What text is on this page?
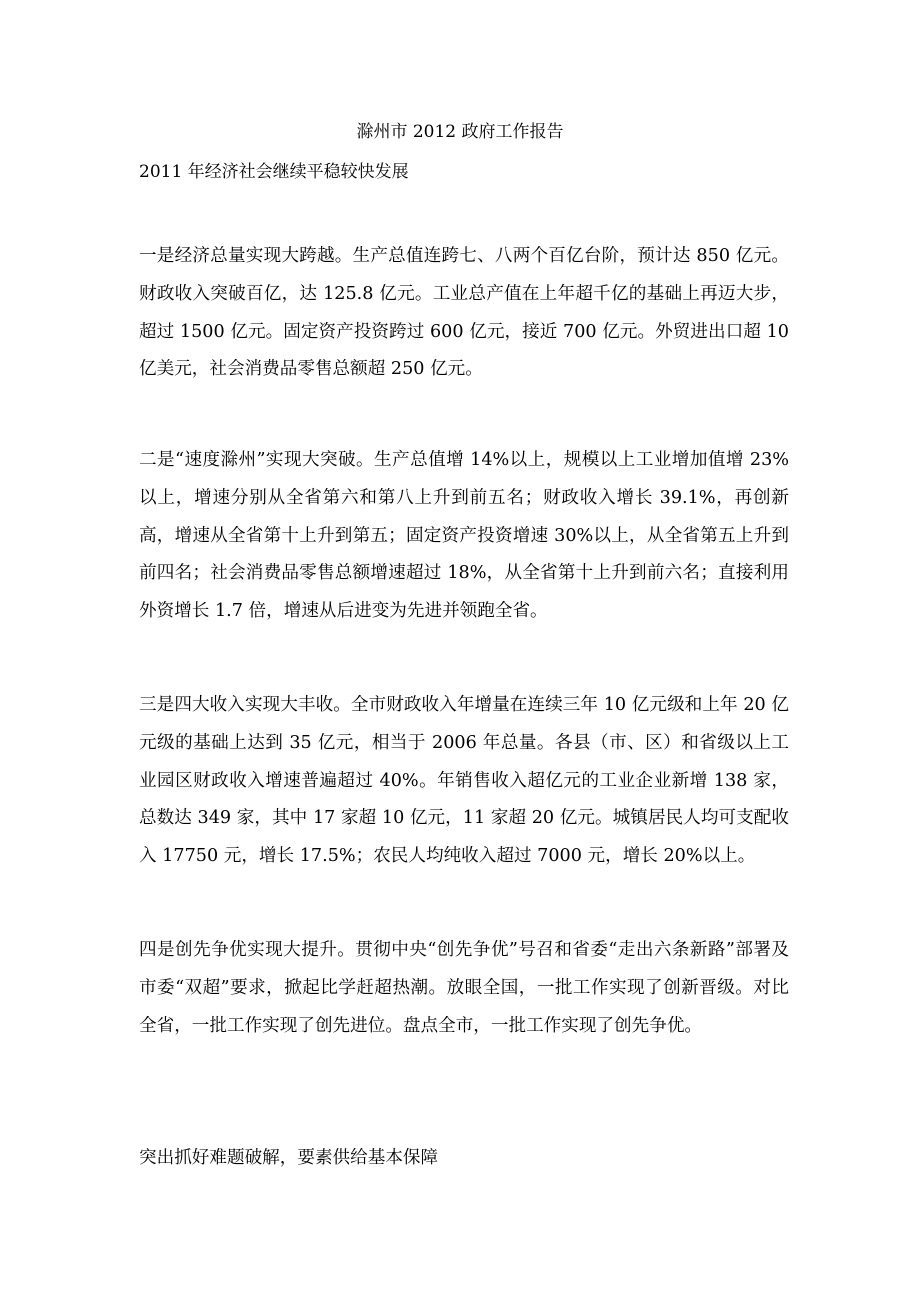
滁州市 2012 政府工作报告
2011 年经济社会继续平稳较快发展

一是经济总量实现大跨越。生产总值连跨七、八两个百亿台阶，预计达 850 亿元。财政收入突破百亿，达 125.8 亿元。工业总产值在上年超千亿的基础上再迈大步，超过 1500 亿元。固定资产投资跨过 600 亿元，接近 700 亿元。外贸进出口超 10 亿美元，社会消费品零售总额超 250 亿元。

二是“速度滁州”实现大突破。生产总值增 14%以上，规模以上工业增加值增 23%以上，增速分别从全省第六和第八上升到前五名；财政收入增长 39.1%，再创新高，增速从全省第十上升到第五；固定资产投资增速 30%以上，从全省第五上升到前四名；社会消费品零售总额增速超过 18%，从全省第十上升到前六名；直接利用外资增长 1.7 倍，增速从后进变为先进并领跑全省。

三是四大收入实现大丰收。全市财政收入年增量在连续三年 10 亿元级和上年 20 亿元级的基础上达到 35 亿元，相当于 2006 年总量。各县（市、区）和省级以上工业园区财政收入增速普遍超过 40%。年销售收入超亿元的工业企业新增 138 家，总数达 349 家，其中 17 家超 10 亿元，11 家超 20 亿元。城镇居民人均可支配收入 17750 元，增长 17.5%；农民人均纯收入超过 7000 元，增长 20%以上。

四是创先争优实现大提升。贯彻中央“创先争优”号召和省委“走出六条新路”部署及市委“双超”要求，掀起比学赶超热潮。放眼全国，一批工作实现了创新晋级。对比全省，一批工作实现了创先进位。盘点全市，一批工作实现了创先争优。

突出抓好难题破解，要素供给基本保障
